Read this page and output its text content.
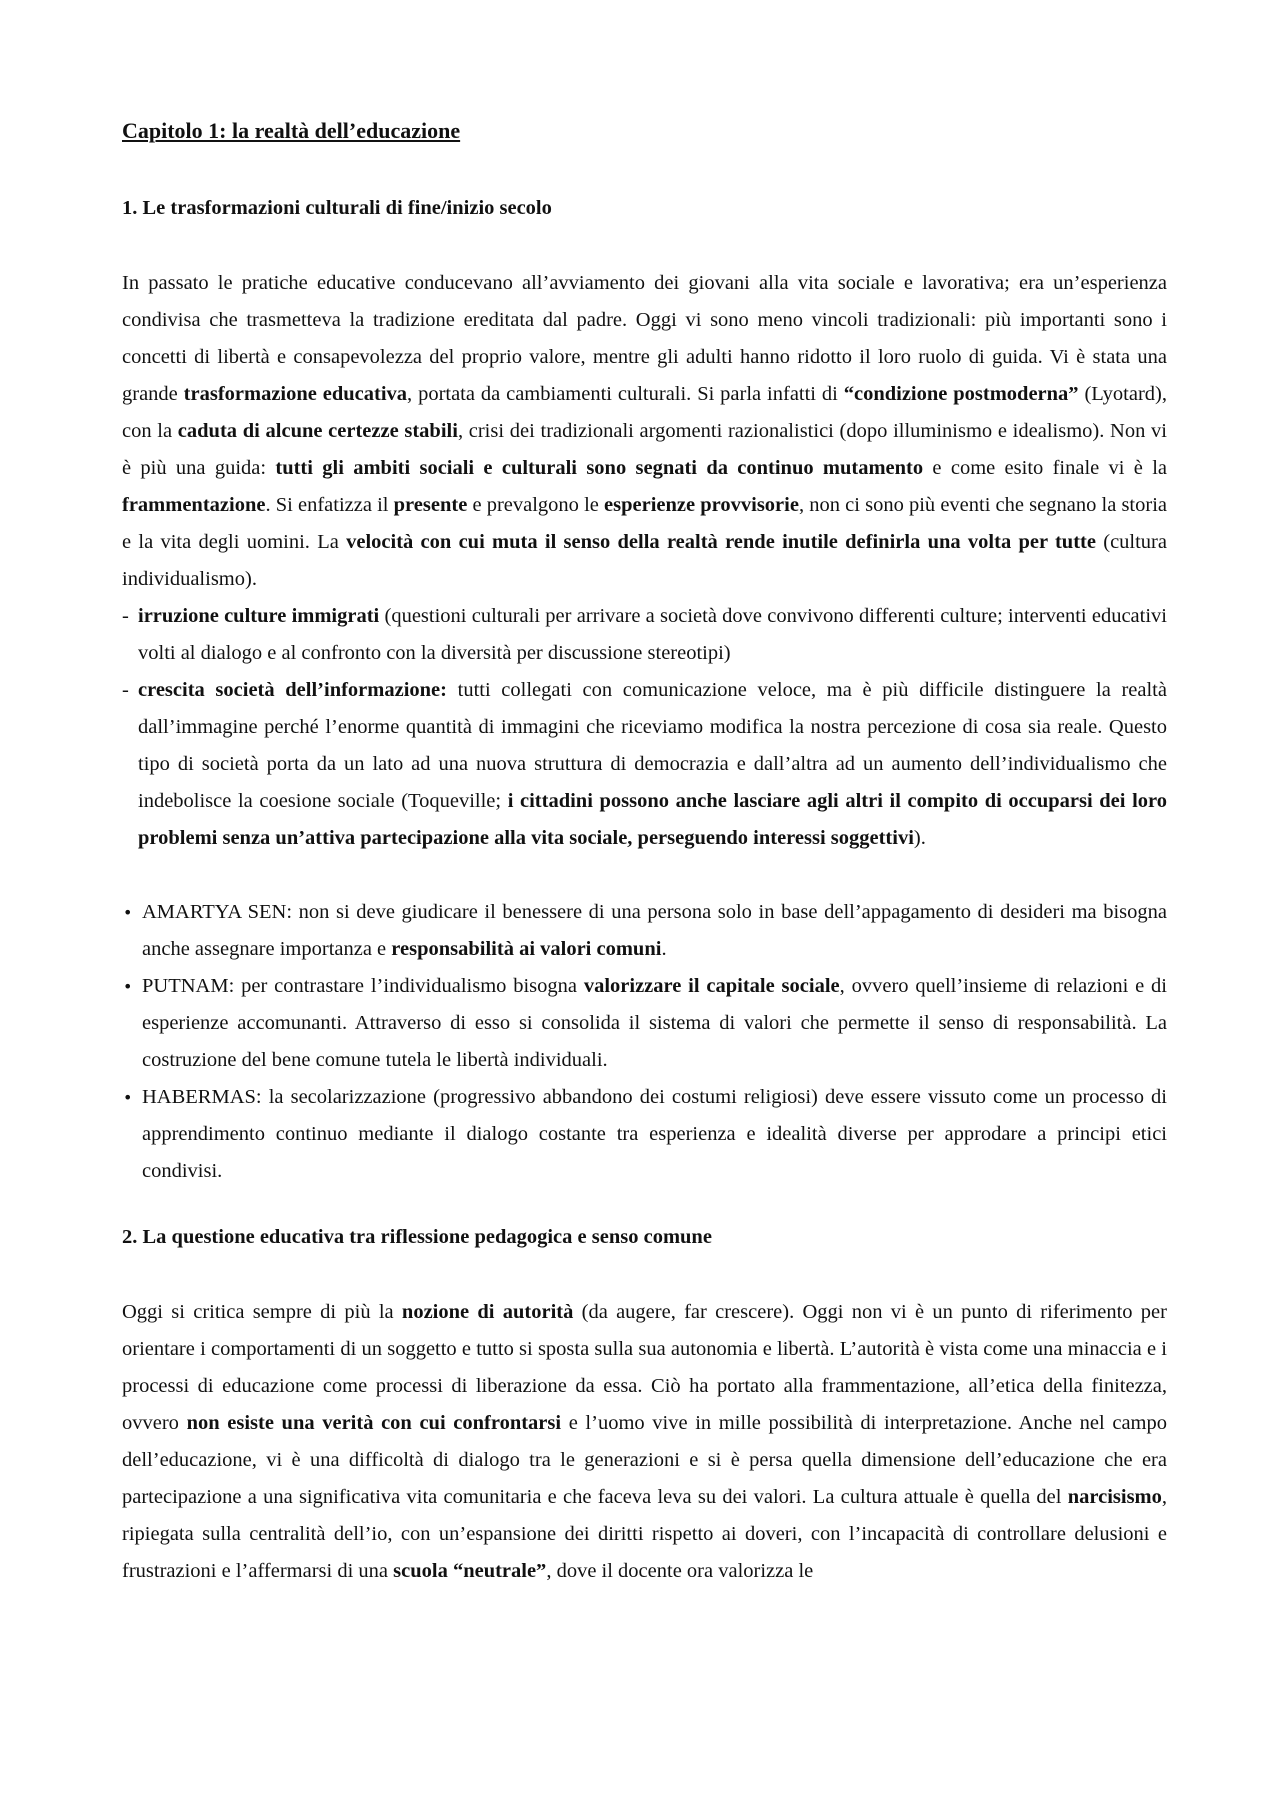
Capitolo 1: la realtà dell’educazione
1. Le trasformazioni culturali di fine/inizio secolo

In passato le pratiche educative conducevano all’avviamento dei giovani alla vita sociale e lavorativa; era un’esperienza condivisa che trasmetteva la tradizione ereditata dal padre. Oggi vi sono meno vincoli tradizionali: più importanti sono i concetti di libertà e consapevolezza del proprio valore, mentre gli adulti hanno ridotto il loro ruolo di guida. Vi è stata una grande trasformazione educativa, portata da cambiamenti culturali. Si parla infatti di “condizione postmoderna” (Lyotard), con la caduta di alcune certezze stabili, crisi dei tradizionali argomenti razionalistici (dopo illuminismo e idealismo). Non vi è più una guida: tutti gli ambiti sociali e culturali sono segnati da continuo mutamento e come esito finale vi è la frammentazione. Si enfatizza il presente e prevalgono le esperienze provvisorie, non ci sono più eventi che segnano la storia e la vita degli uomini. La velocità con cui muta il senso della realtà rende inutile definirla una volta per tutte (cultura individualismo).

- irruzione culture immigrati (questioni culturali per arrivare a società dove convivono differenti culture; interventi educativi volti al dialogo e al confronto con la diversità per discussione stereotipi)
- crescita società dell’informazione: tutti collegati con comunicazione veloce, ma è più difficile distinguere la realtà dall’immagine perché l’enorme quantità di immagini che riceviamo modifica la nostra percezione di cosa sia reale. Questo tipo di società porta da un lato ad una nuova struttura di democrazia e dall’altra ad un aumento dell’individualismo che indebolisce la coesione sociale (Toqueville; i cittadini possono anche lasciare agli altri il compito di occuparsi dei loro problemi senza un’attiva partecipazione alla vita sociale, perseguendo interessi soggettivi).
• AMARTYA SEN: non si deve giudicare il benessere di una persona solo in base dell’appagamento di desideri ma bisogna anche assegnare importanza e responsabilità ai valori comuni.
• PUTNAM: per contrastare l’individualismo bisogna valorizzare il capitale sociale, ovvero quell’insieme di relazioni e di esperienze accomunanti. Attraverso di esso si consolida il sistema di valori che permette il senso di responsabilità. La costruzione del bene comune tutela le libertà individuali.
• HABERMAS: la secolarizzazione (progressivo abbandono dei costumi religiosi) deve essere vissuto come un processo di apprendimento continuo mediante il dialogo costante tra esperienza e idealità diverse per approdare a principi etici condivisi.
2. La questione educativa tra riflessione pedagogica e senso comune

Oggi si critica sempre di più la nozione di autorità (da augere, far crescere). Oggi non vi è un punto di riferimento per orientare i comportamenti di un soggetto e tutto si sposta sulla sua autonomia e libertà. L’autorità è vista come una minaccia e i processi di educazione come processi di liberazione da essa. Ciò ha portato alla frammentazione, all’etica della finitezza, ovvero non esiste una verità con cui confrontarsi e l’uomo vive in mille possibilità di interpretazione. Anche nel campo dell’educazione, vi è una difficoltà di dialogo tra le generazioni e si è persa quella dimensione dell’educazione che era partecipazione a una significativa vita comunitaria e che faceva leva su dei valori. La cultura attuale è quella del narcisismo, ripiegata sulla centralità dell’io, con un’espansione dei diritti rispetto ai doveri, con l’incapacità di controllare delusioni e frustrazioni e l’affermarsi di una scuola “neutrale”, dove il docente ora valorizza le
